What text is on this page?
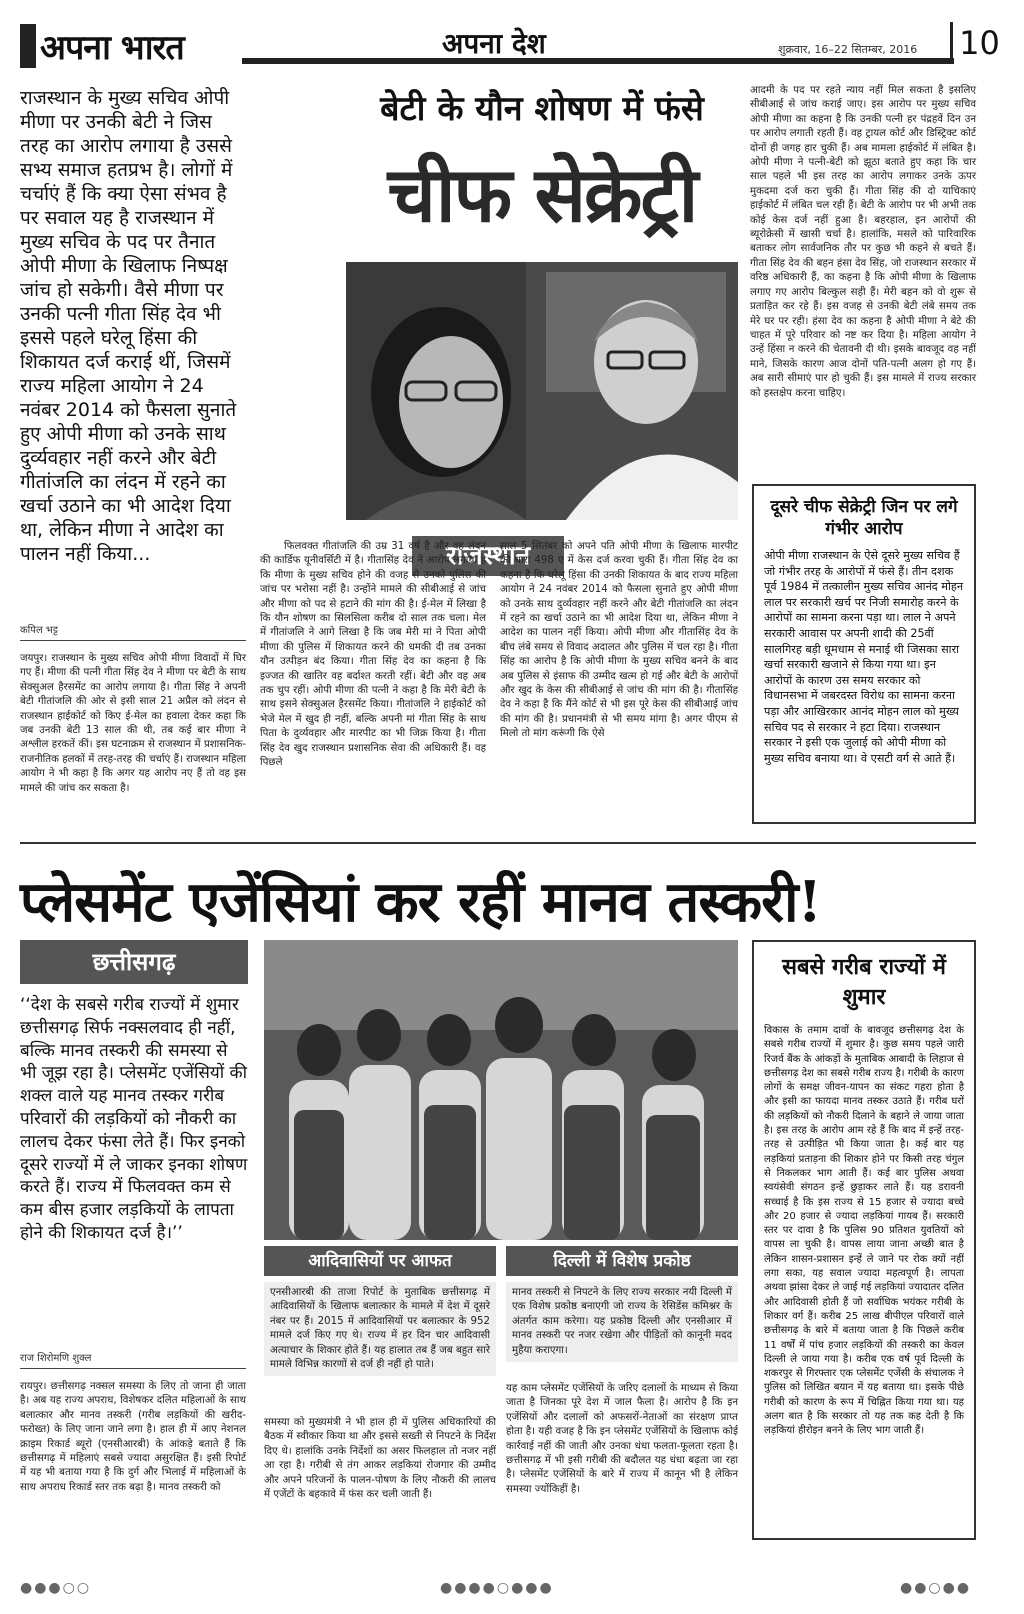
अपना भारत	अपना देश	शुक्रवार, 16–22 सितम्बर, 2016 10
राजस्थान के मुख्य सचिव ओपी मीणा पर उनकी बेटी ने जिस तरह का आरोप लगाया है उससे सभ्य समाज हतप्रभ है। लोगों में चर्चाएं हैं कि क्या ऐसा संभव है पर सवाल यह है राजस्थान में मुख्य सचिव के पद पर तैनात ओपी मीणा के खिलाफ निष्पक्ष जांच हो सकेगी। वैसे मीणा पर उनकी पत्नी गीता सिंह देव भी इससे पहले घरेलू हिंसा की शिकायत दर्ज कराई थीं, जिसमें राज्य महिला आयोग ने 24 नवंबर 2014 को फैसला सुनाते हुए ओपी मीणा को उनके साथ दुर्व्यवहार नहीं करने और बेटी गीतांजलि का लंदन में रहने का खर्चा उठाने का भी आदेश दिया था, लेकिन मीणा ने आदेश का पालन नहीं किया...
कपिल भट्ट
बेटी के यौन शोषण में फंसे
चीफ सेक्रेट्री
राजस्थान
जयपुर। राजस्थान के मुख्य सचिव ओपी मीणा विवादों में घिर गए हैं। मीणा की पत्नी गीता सिंह देव ने मीणा पर बेटी के साथ सेक्सुअल हैरसमेंट का आरोप लगाया है। गीता सिंह ने अपनी बेटी गीतांजलि की ओर से इसी साल 21 अप्रैल को लंदन से राजस्थान हाईकोर्ट को किए ई-मेल का हवाला देकर कहा कि जब उनकी बेटी 13 साल की थी, तब कई बार मीणा ने अश्लील हरकतें कीं। इस घटनाक्रम से राजस्थान में प्रशासनिक-राजनीतिक हलकों में तरह-तरह की चर्चाएं हैं। राजस्थान महिला आयोग ने भी कहा है कि अगर यह आरोप नए हैं तो वह इस मामले की जांच कर सकता है।
फिलवक्त गीतांजलि की उम्र 31 वर्ष है और वह लंदन की कार्डिफ यूनीवर्सिटी में है। गीतासिंह देव ने आरोप लगाया है कि मीणा के मुख्य सचिव होने की वजह से उनको पुलिस की जांच पर भरोसा नहीं है। उन्होंने मामले की सीबीआई से जांच और मीणा को पद से हटाने की मांग की है। ई-मेल में लिखा है कि यौन शोषण का सिलसिला करीब दो साल तक चला। मेल में गीतांजलि ने आगे लिखा है कि जब मेरी मां ने पिता ओपी मीणा की पुलिस में शिकायत करने की धमकी दी तब उनका यौन उत्पीड़न बंद किया। गीता सिंह देव का कहना है कि इज्जत की खातिर वह बर्दाश्त करती रहीं। बेटी और वह अब तक चुप रहीं। ओपी मीणा की पत्नी ने कहा है कि मेरी बेटी के साथ इसने सेक्सुअल हैरसमेंट किया। गीतांजलि ने हाईकोर्ट को भेजे मेल में खुद ही नहीं, बल्कि अपनी मां गीता सिंह के साथ पिता के दुर्व्यवहार और मारपीट का भी जिक्र किया है। गीता सिंह देव खुद राजस्थान प्रशासनिक सेवा की अधिकारी हैं। वह पिछले
साल 5 सितंबर को अपने पति ओपी मीणा के खिलाफ मारपीट की धारा 498 ए में केस दर्ज करवा चुकी हैं। गीता सिंह देव का कहना है कि घरेलू हिंसा की उनकी शिकायत के बाद राज्य महिला आयोग ने 24 नवंबर 2014 को फैसला सुनाते हुए ओपी मीणा को उनके साथ दुर्व्यवहार नहीं करने और बेटी गीतांजलि का लंदन में रहने का खर्चा उठाने का भी आदेश दिया था, लेकिन मीणा ने आदेश का पालन नहीं किया। ओपी मीणा और गीतासिंह देव के बीच लंबे समय से विवाद अदालत और पुलिस में चल रहा है। गीता सिंह का आरोप है कि ओपी मीणा के मुख्य सचिव बनने के बाद अब पुलिस से इंसाफ की उम्मीद खत्म हो गई और बेटी के आरोपों और खुद के केस की सीबीआई से जांच की मांग की है। गीतासिंह देव ने कहा है कि मैंने कोर्ट से भी इस पूरे केस की सीबीआई जांच की मांग की है। प्रधानमंत्री से भी समय मांगा है। अगर पीएम से मिलो तो मांग करूंगी कि ऐसे
आदमी के पद पर रहते न्याय नहीं मिल सकता है इसलिए सीबीआई से जांच कराई जाए। इस आरोप पर मुख्य सचिव ओपी मीणा का कहना है कि उनकी पत्नी हर पंद्रहवें दिन उन पर आरोप लगाती रहती हैं। वह ट्रायल कोर्ट और डिस्ट्रिक्ट कोर्ट दोनों ही जगह हार चुकी हैं। अब मामला हाईकोर्ट में लंबित है। ओपी मीणा ने पत्नी-बेटी को झूठा बताते हुए कहा कि चार साल पहले भी इस तरह का आरोप लगाकर उनके ऊपर मुकदमा दर्ज करा चुकी हैं। गीता सिंह की दो याचिकाएं हाईकोर्ट में लंबित चल रही हैं। बेटी के आरोप पर भी अभी तक कोई केस दर्ज नहीं हुआ है। बहरहाल, इन आरोपों की ब्यूरोक्रेसी में खासी चर्चा है। हालांकि, मसले को पारिवारिक बताकर लोग सार्वजनिक तौर पर कुछ भी कहने से बचते हैं। गीता सिंह देव की बहन हंसा देव सिंह, जो राजस्थान सरकार में वरिष्ठ अधिकारी हैं, का कहना है कि ओपी मीणा के खिलाफ लगाए गए आरोप बिल्कुल सही हैं। मेरी बहन को वो शुरू से प्रताड़ित कर रहे हैं। इस वजह से उनकी बेटी लंबे समय तक मेरे घर पर रही। हंसा देव का कहना है ओपी मीणा ने बेटे की चाहत में पूरे परिवार को नष्ट कर दिया है। महिला आयोग ने उन्हें हिंसा न करने की चेतावनी दी थी। इसके बावजूद वह नहीं माने, जिसके कारण आज दोनों पति-पत्नी अलग हो गए हैं। अब सारी सीमाएं पार हो चुकी हैं। इस मामले में राज्य सरकार को हस्तक्षेप करना चाहिए।
दूसरे चीफ सेक्रेट्री जिन पर लगे गंभीर आरोप
ओपी मीणा राजस्थान के ऐसे दूसरे मुख्य सचिव हैं जो गंभीर तरह के आरोपों में फंसे हैं। तीन दशक पूर्व 1984 में तत्कालीन मुख्य सचिव आनंद मोहन लाल पर सरकारी खर्च पर निजी समारोह करने के आरोपों का सामना करना पड़ा था। लाल ने अपने सरकारी आवास पर अपनी शादी की 25वीं सालगिरह बड़ी धूमधाम से मनाई थी जिसका सारा खर्चा सरकारी खजाने से किया गया था। इन आरोपों के कारण उस समय सरकार को विधानसभा में जबरदस्त विरोध का सामना करना पड़ा और आखिरकार आनंद मोहन लाल को मुख्य सचिव पद से सरकार ने हटा दिया। राजस्थान सरकार ने इसी एक जुलाई को ओपी मीणा को मुख्य सचिव बनाया था। वे एसटी वर्ग से आते हैं।
प्लेसमेंट एजेंसियां कर रहीं मानव तस्करी!
छत्तीसगढ़
‘‘देश के सबसे गरीब राज्यों में शुमार छत्तीसगढ़ सिर्फ नक्सलवाद ही नहीं, बल्कि मानव तस्करी की समस्या से भी जूझ रहा है। प्लेसमेंट एजेंसियों की शक्ल वाले यह मानव तस्कर गरीब परिवारों की लड़कियों को नौकरी का लालच देकर फंसा लेते हैं। फिर इनको दूसरे राज्यों में ले जाकर इनका शोषण करते हैं। राज्य में फिलवक्त कम से कम बीस हजार लड़कियों के लापता होने की शिकायत दर्ज है।’’
राज शिरोमणि शुक्ल
रायपुर। छत्तीसगढ़ नक्सल समस्या के लिए तो जाना ही जाता है। अब यह राज्य अपराध, विशेषकर दलित महिलाओं के साथ बलात्कार और मानव तस्करी (गरीब लड़कियों की खरीद-फरोख्त) के लिए जाना जाने लगा है। हाल ही में आए नेशनल क्राइम रिकार्ड ब्यूरो (एनसीआरबी) के आंकड़े बताते हैं कि छत्तीसगढ़ में महिलाएं सबसे ज्यादा असुरक्षित हैं। इसी रिपोर्ट में यह भी बताया गया है कि दुर्ग और भिलाई में महिलाओं के साथ अपराध रिकार्ड स्तर तक बढ़ा है। मानव तस्करी को
आदिवासियों पर आफत	दिल्ली में विशेष प्रकोष्ठ
एनसीआरबी की ताजा रिपोर्ट के मुताबिक छत्तीसगढ़ में आदिवासियों के खिलाफ बलात्कार के मामले में देश में दूसरे नंबर पर हैं। 2015 में आदिवासियों पर बलात्कार के 952 मामले दर्ज किए गए थे। राज्य में हर दिन चार आदिवासी अत्याचार के शिकार होते हैं। यह हालात तब हैं जब बहुत सारे मामले विभिन्न कारणों से दर्ज ही नहीं हो पाते।
मानव तस्करी से निपटने के लिए राज्य सरकार नयी दिल्ली में एक विशेष प्रकोष्ठ बनाएगी जो राज्य के रेसिडेंस कमिश्नर के अंतर्गत काम करेगा। यह प्रकोष्ठ दिल्ली और एनसीआर में मानव तस्करी पर नजर रखेगा और पीड़ितों को कानूनी मदद मुहैया कराएगा।
समस्या को मुख्यमंत्री ने भी हाल ही में पुलिस अधिकारियों की बैठक में स्वीकार किया था और इससे सख्ती से निपटने के निर्देश दिए थे। हालांकि उनके निर्देशों का असर फिलहाल तो नजर नहीं आ रहा है। गरीबी से तंग आकर लड़कियां रोजगार की उम्मीद और अपने परिजनों के पालन-पोषण के लिए नौकरी की लालच में एजेंटों के बहकावे में फंस कर चली जाती हैं।
यह काम प्लेसमेंट एजेंसियों के जरिए दलालों के माध्यम से किया जाता है जिनका पूरे देश में जाल फैला है। आरोप है कि इन एजेंसियों और दलालों को अफसरों-नेताओं का संरक्षण प्राप्त होता है। यही वजह है कि इन प्लेसमेंट एजेंसियों के खिलाफ कोई कार्रवाई नहीं की जाती और उनका धंधा फलता-फूलता रहता है। छत्तीसगढ़ में भी इसी गरीबी की बदौलत यह धंधा बढ़ता जा रहा है। प्लेसमेंट एजेंसियों के बारे में राज्य में कानून भी है लेकिन समस्या ज्योंकिहीं है।
सबसे गरीब राज्यों में शुमार
विकास के तमाम दावों के बावजूद छत्तीसगढ़ देश के सबसे गरीब राज्यों में शुमार है। कुछ समय पहले जारी रिजर्व बैंक के आंकड़ों के मुताबिक आबादी के लिहाज से छत्तीसगढ़ देश का सबसे गरीब राज्य है। गरीबी के कारण लोगों के समक्ष जीवन-यापन का संकट गहरा होता है और इसी का फायदा मानव तस्कर उठाते हैं। गरीब घरों की लड़कियों को नौकरी दिलाने के बहाने ले जाया जाता है। इस तरह के आरोप आम रहे हैं कि बाद में इन्हें तरह-तरह से उत्पीड़ित भी किया जाता है। कई बार यह लड़कियां प्रताड़ना की शिकार होने पर किसी तरह चंगुल से निकलकर भाग आती हैं। कई बार पुलिस अथवा स्वयंसेवी संगठन इन्हें छुड़ाकर लाते हैं। यह डरावनी सच्चाई है कि इस राज्य से 15 हजार से ज्यादा बच्चे और 20 हजार से ज्यादा लड़कियां गायब हैं। सरकारी स्तर पर दावा है कि पुलिस 90 प्रतिशत युवतियों को वापस ला चुकी है। वापस लाया जाना अच्छी बात है लेकिन शासन-प्रशासन इन्हें ले जाने पर रोक क्यों नहीं लगा सका, यह सवाल ज्यादा महत्वपूर्ण है। लापता अथवा झांसा देकर ले जाई गई लड़कियां ज्यादातर दलित और आदिवासी होती हैं जो सर्वाधिक भयंकर गरीबी के शिकार वर्ग हैं। करीब 25 लाख बीपीएल परिवारों वाले छत्तीसगढ़ के बारे में बताया जाता है कि पिछले करीब 11 वर्षों में पांच हजार लड़कियों की तस्करी का केवल दिल्ली ले जाया गया है। करीब एक वर्ष पूर्व दिल्ली के शकरपुर से गिरफ्तार एक प्लेसमेंट एजेंसी के संचालक ने पुलिस को लिखित बयान में यह बताया था। इसके पीछे गरीबी को कारण के रूप में चिह्नित किया गया था। यह अलग बात है कि सरकार तो यह तक कह देती है कि लड़कियां हीरोइन बनने के लिए भाग जाती हैं।
●●●○○	●●●●○●●●	●●○●●
